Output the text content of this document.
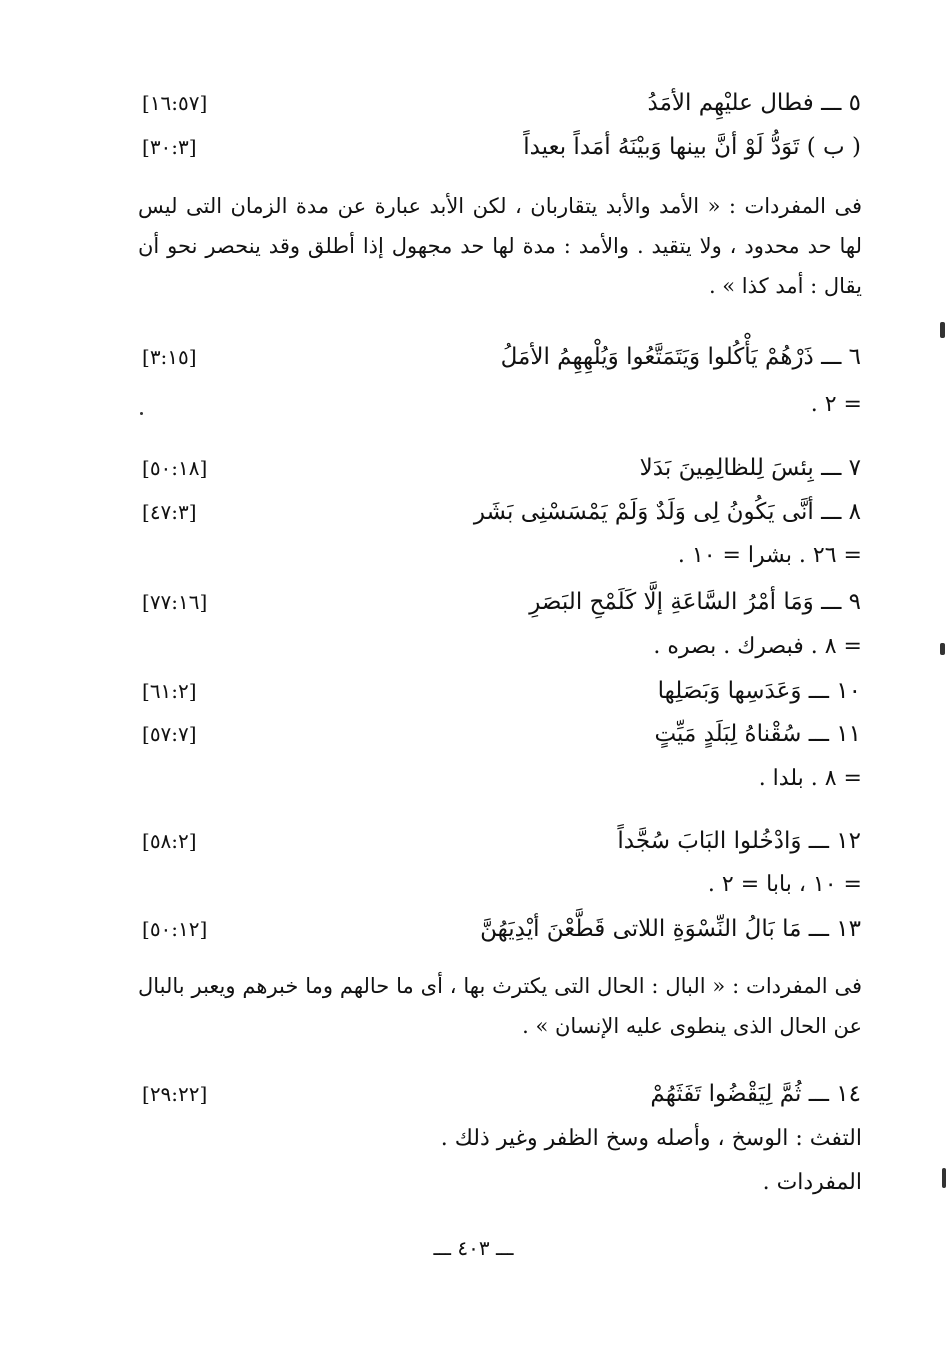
٥ ـــ فطال عليْهِم الأمَدُ
[١٦:٥٧]
( ب ) تَوَدُّ لَوْ أنَّ بينها وَبيْنَهُ أمَداً بعيداً
[٣٠:٣]
فى المفردات : « الأمد والأبد يتقاربان ، لكن الأبد عبارة عن مدة الزمان التى ليس لها حد محدود ، ولا يتقيد . والأمد : مدة لها حد مجهول إذا أطلق وقد ينحصر نحو أن يقال : أمد كذا » .
٦ ـــ ذَرْهُمْ يَأْكُلوا وَيَتَمَتَّعُوا وَيُلْهِهِمُ الأمَلُ
[٣:١٥]
= ٢ .
٧ ـــ بِئسَ لِلظالِمِينَ بَدَلا
[٥٠:١٨]
٨ ـــ أنَّى يَكُونُ لِى وَلَدٌ وَلَمْ يَمْسَسْنِى بَشَر
[٤٧:٣]
= ٢٦ . بشرا = ١٠ .
٩ ـــ وَمَا أمْرُ السَّاعَةِ إلَّا كَلَمْحِ البَصَرِ
[٧٧:١٦]
= ٨ . فبصرك . بصره .
١٠ ـــ وَعَدَسِها وَبَصَلِها
[٦١:٢]
١١ ـــ سُقْناهُ لِبَلَدٍ مَيِّتٍ
[٥٧:٧]
= ٨ . بلدا .
١٢ ـــ وَادْخُلوا البَابَ سُجَّداً
[٥٨:٢]
= ١٠ ، بابا = ٢ .
١٣ ـــ مَا بَالُ النِّسْوَةِ اللاتى قَطَّعْنَ أيْدِيَهُنَّ
[٥٠:١٢]
فى المفردات : « البال : الحال التى يكترث بها ، أى ما حالهم وما خبرهم ويعبر بالبال عن الحال الذى ينطوى عليه الإنسان » .
١٤ ـــ ثُمَّ لِيَقْضُوا تَفَثَهُمْ
[٢٩:٢٢]
التفث : الوسخ ، وأصله وسخ الظفر وغير ذلك .
المفردات .
ـــ ٤٠٣ ـــ
